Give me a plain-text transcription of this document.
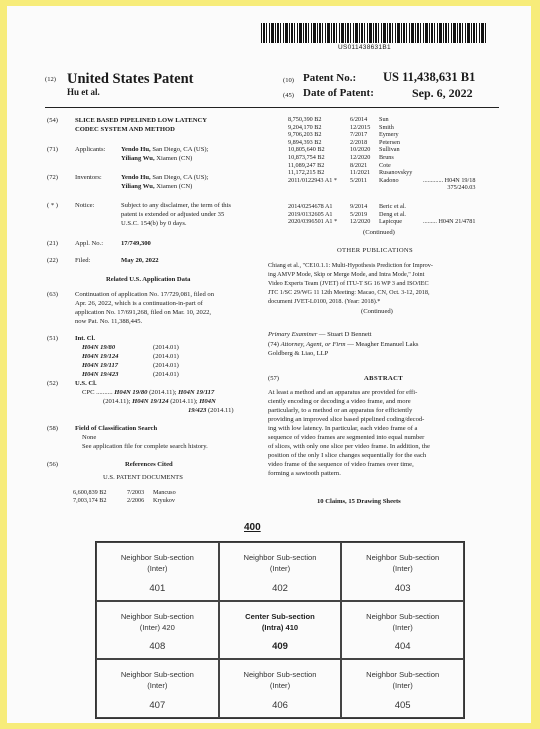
US011438631B1
(12) United States Patent
Hu et al.
(10) Patent No.: US 11,438,631 B1
(45) Date of Patent:	Sep. 6, 2022
(54)	SLICE BASED PIPELINED LOW LATENCY
CODEC SYSTEM AND METHOD
(71)	Applicants: Yendo Hu, San Diego, CA (US);
Yiliang Wu, Xiamen (CN)
(72)	Inventors:	Yendo Hu, San Diego, CA (US);
Yiliang Wu, Xiamen (CN)
( * )	Notice:	Subject to any disclaimer, the term of this
patent is extended or adjusted under 35
U.S.C. 154(b) by 0 days.
(21)	Appl. No.:	17/749,300
(22)	Filed:	May 20, 2022
Related U.S. Application Data
(63)	Continuation of application No. 17/729,081, filed on
Apr. 26, 2022, which is a continuation-in-part of
application No. 17/691,268, filed on Mar. 10, 2022,
now Pat. No. 11,388,445.
(51)	Int. Cl.
H04N 19/80	(2014.01)
H04N 19/124	(2014.01)
H04N 19/117	(2014.01)
H04N 19/423	(2014.01)
(52)	U.S. Cl.
CPC .......... H04N 19/80 (2014.11); H04N 19/117
(2014.11); H04N 19/124 (2014.11); H04N
19/423 (2014.11)
(58)	Field of Classification Search
None
See application file for complete search history.
(56)	References Cited
U.S. PATENT DOCUMENTS
6,600,839 B2	7/2003	Mancuso
7,003,174 B2	2/2006	Kryukov
8,750,390 B2	6/2014	Sun	
9,204,170 B2	12/2015	Smith	
9,706,203 B2	7/2017	Eymery	
9,894,393 B2	2/2018	Petersen	
10,805,640 B2	10/2020	Sullivan	
10,873,754 B2	12/2020	Bruns	
11,089,247 B2	8/2021	Cote	
11,172,215 B2	11/2021	Rusanovskyy	
2011/0122943 A1 *	5/2011	Kadono	............. H04N 19/18
			375/240.03
2014/0254678 A1	9/2014	Beric et al.	
2019/0132605 A1	5/2019	Deng et al.	
2020/0396501 A1 *	12/2020	Lapicque	......... H04N 21/4781
(Continued)
OTHER PUBLICATIONS
Chiang et al., "CE10.1.1: Multi-Hypothesis Prediction for Improv-
ing AMVP Mode, Skip or Merge Mode, and Intra Mode," Joint
Video Experts Team (JVET) of ITU-T SG 16 WP 3 and ISO/IEC
JTC 1/SC 29/WG 11 12th Meeting: Macao, CN, Oct. 3-12, 2018,
document JVET-L0100, 2018. (Year: 2018).*
(Continued)
Primary Examiner — Stuart D Bennett
(74) Attorney, Agent, or Firm — Meagher Emanuel Laks
Goldberg & Liao, LLP
(57)	ABSTRACT
At least a method and an apparatus are provided for effi-
ciently encoding or decoding a video frame, and more
particularly, to a method or an apparatus for efficiently
providing an improved slice based pipelined coding/decod-
ing with low latency. In particular, each video frame of a
sequence of video frames are segmented into equal number
of slices, with only one slice per video frame. In addition, the
position of the only I slice changes sequentially for the each
video frame of the sequence of video frames over time,
forming a sawtooth pattern.
10 Claims, 15 Drawing Sheets
400
Neighbor Sub-section
(Inter)
401
Neighbor Sub-section
(Inter)
402
Neighbor Sub-section
(Inter)
403
Neighbor Sub-section
(Inter) 420
408
Center Sub-section
(Intra) 410
409
Neighbor Sub-section
(Inter)
404
Neighbor Sub-section
(Inter)
407
Neighbor Sub-section
(Inter)
406
Neighbor Sub-section
(Inter)
405
